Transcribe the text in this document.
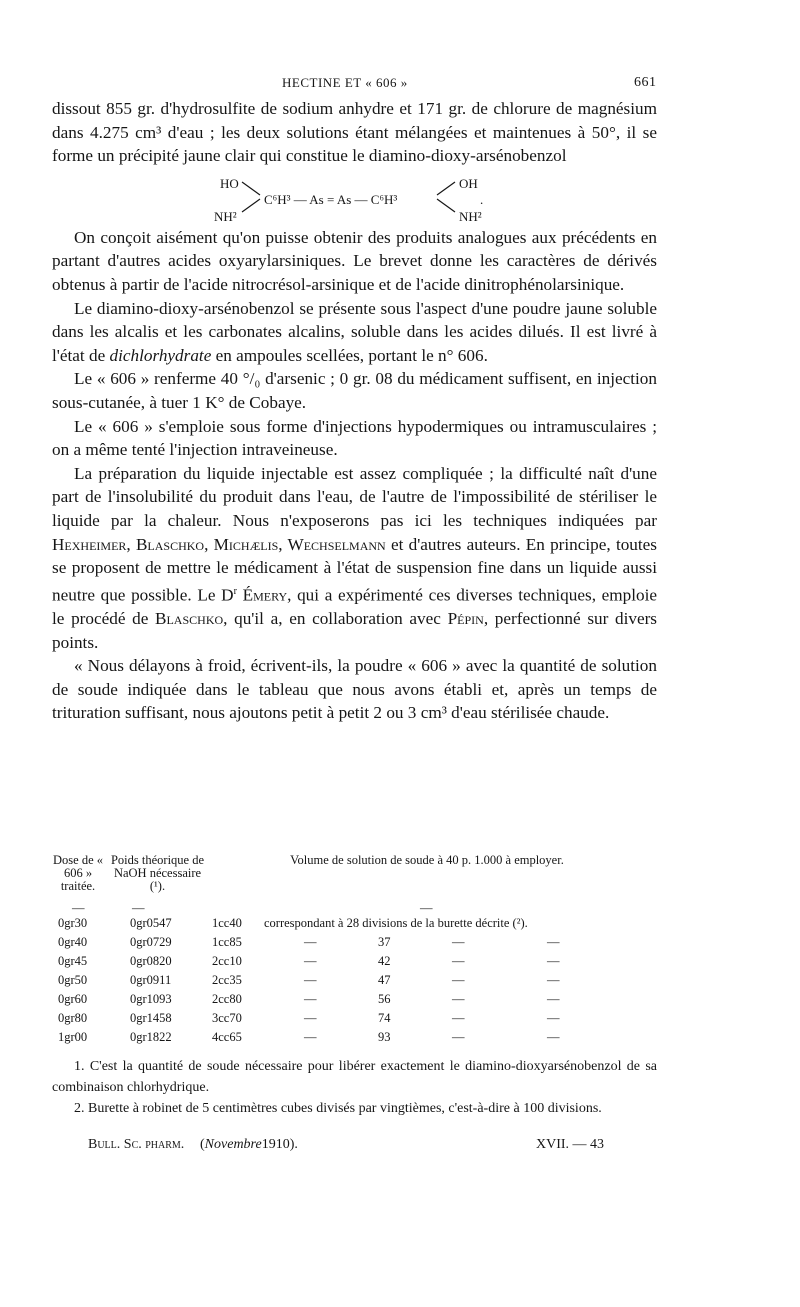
HECTINE ET « 606 »	661

dissout 855 gr. d'hydrosulfite de sodium anhydre et 171 gr. de chlorure de magnésium dans 4.275 cm³ d'eau ; les deux solutions étant mélangées et maintenues à 50°, il se forme un précipité jaune clair qui constitue le diamino-dioxy-arsénobenzol

HO
NH²
C⁶H³ — As = As — C⁶H³
OH
NH²
.

On conçoit aisément qu'on puisse obtenir des produits analogues aux précédents en partant d'autres acides oxyarylarsiniques. Le brevet donne les caractères de dérivés obtenus à partir de l'acide nitrocrésol-arsinique et de l'acide dinitrophénolarsinique.

Le diamino-dioxy-arsénobenzol se présente sous l'aspect d'une poudre jaune soluble dans les alcalis et les carbonates alcalins, soluble dans les acides dilués. Il est livré à l'état de dichlorhydrate en ampoules scellées, portant le n° 606.

Le « 606 » renferme 40 °/₀ d'arsenic ; 0 gr. 08 du médicament suffisent, en injection sous-cutanée, à tuer 1 K° de Cobaye.

Le « 606 » s'emploie sous forme d'injections hypodermiques ou intramusculaires ; on a même tenté l'injection intraveineuse.

La préparation du liquide injectable est assez compliquée ; la difficulté naît d'une part de l'insolubilité du produit dans l'eau, de l'autre de l'impossibilité de stériliser le liquide par la chaleur. Nous n'exposerons pas ici les techniques indiquées par Hexheimer, Blaschko, Michælis, Wechselmann et d'autres auteurs. En principe, toutes se proposent de mettre le médicament à l'état de suspension fine dans un liquide aussi neutre que possible. Le $D^r$ Émery, qui a expérimenté ces diverses techniques, emploie le procédé de Blaschko, qu'il a, en collaboration avec Pépin, perfectionné sur divers points.

« Nous délayons à froid, écrivent-ils, la poudre « 606 » avec la quantité de solution de soude indiquée dans le tableau que nous avons établi et, après un temps de trituration suffisant, nous ajoutons petit à petit 2 ou 3 cm³ d'eau stérilisée chaude.

Dose de « 606 » traitée.
Poids théorique de NaOH nécessaire (¹).
Volume de solution de soude à 40 p. 1.000 à employer.
—	—	—
0gr30	0gr0547	1cc40 correspondant à 28 divisions de la burette décrite (²).
0gr40	0gr0729	1cc85	—	37	—	—
0gr45	0gr0820	2cc10	—	42	—	—
0gr50	0gr0911	2cc35	—	47	—	—
0gr60	0gr1093	2cc80	—	56	—	—
0gr80	0gr1458	3cc70	—	74	—	—
1gr00	0gr1822	4cc65	—	93	—	—

1. C'est la quantité de soude nécessaire pour libérer exactement le diamino-dioxyarsénobenzol de sa combinaison chlorhydrique.

2. Burette à robinet de 5 centimètres cubes divisés par vingtièmes, c'est-à-dire à 100 divisions.

Bull. Sc. pharm. (Novembre 1910).	XVII. — 43
